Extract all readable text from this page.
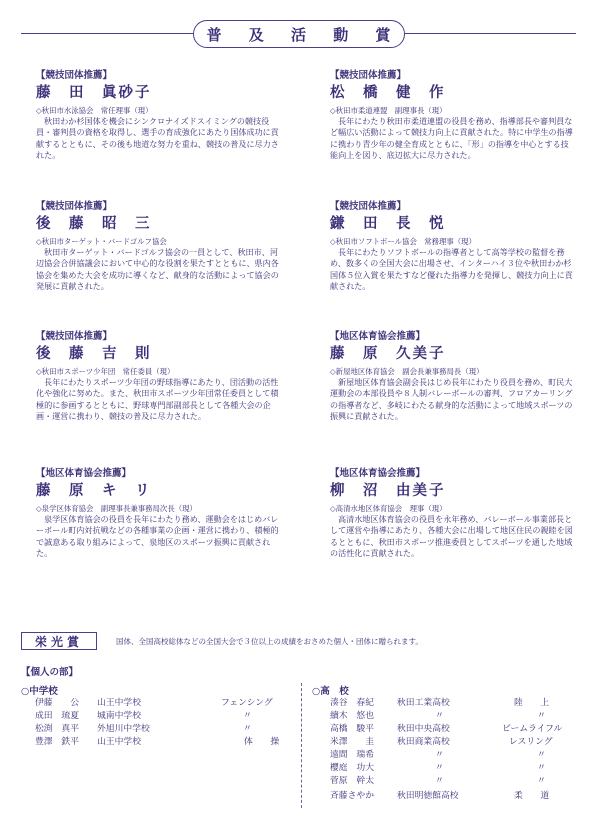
普 及 活 動 賞
【競技団体推薦】
藤　田　眞砂子
◇秋田市水泳協会　常任理事（現）
秋田わか杉国体を機会にシンクロナイズドスイミングの競技役員・審判員の資格を取得し、選手の育成強化にあたり国体成功に貢献するとともに、その後も地道な努力を重ね、競技の普及に尽力された。
【競技団体推薦】
松　橋　健　作
◇秋田市柔道連盟　副理事長（現）
長年にわたり秋田市柔道連盟の役員を務め、指導部長や審判員など幅広い活動によって競技力向上に貢献された。特に中学生の指導に携わり青少年の健全育成とともに、「形」の指導を中心とする技能向上を図り、底辺拡大に尽力された。
【競技団体推薦】
後　藤　昭　三
◇秋田市ターゲット・バードゴルフ協会
秋田市ターゲット・バードゴルフ協会の一員として、秋田市、河辺協会合併協議会において中心的な役割を果たすとともに、県内各協会を集めた大会を成功に導くなど、献身的な活動によって協会の発展に貢献された。
【競技団体推薦】
鎌　田　長　悦
◇秋田市ソフトボール協会　常務理事（現）
長年にわたりソフトボールの指導者として高等学校の監督を務め、数多くの全国大会に出場させ、インターハイ３位や秋田わか杉国体５位入賞を果たすなど優れた指導力を発揮し、競技力向上に貢献された。
【競技団体推薦】
後　藤　吉　則
◇秋田市スポーツ少年団　常任委員（現）
長年にわたりスポーツ少年団の野球指導にあたり、団活動の活性化や強化に努めた。また、秋田市スポーツ少年団常任委員として積極的に参画するとともに、野球専門部副部長として各種大会の企画・運営に携わり、競技の普及に尽力された。
【地区体育協会推薦】
藤　原　久美子
◇新屋地区体育協会　副会長兼事務局長（現）
新屋地区体育協会副会長はじめ長年にわたり役員を務め、町民大運動会の本部役員や８人制バレーボールの審判、フロアカーリングの指導者など、多岐にわたる献身的な活動によって地域スポーツの振興に貢献された。
【地区体育協会推薦】
藤　原　キ　リ
◇泉学区体育協会　副理事長兼事務局次長（現）
泉学区体育協会の役員を長年にわたり務め、運動会をはじめバレーボール町内対抗戦などの各種事業の企画・運営に携わり、積極的で誠意ある取り組みによって、泉地区のスポーツ振興に貢献された。
【地区体育協会推薦】
柳　沼　由美子
◇高清水地区体育協会　理事（現）
高清水地区体育協会の役員を永年務め、バレーボール事業部長として運営や指導にあたり、各種大会に出場して地区住民の親睦を図るとともに、秋田市スポーツ推進委員としてスポーツを通した地域の活性化に貢献された。
栄光賞	国体、全国高校総体などの全国大会で３位以上の成績をおさめた個人・団体に贈られます。
【個人の部】
○中学校	○高　校
伊藤　　公 山王中学校	フェンシング
成田　琉夏 城南中学校	〃
松渕　真平 外旭川中学校	〃
豊澤　鉄平 山王中学校	体　　操
湊谷　春紀	秋田工業高校	陸　　上
續木　悠也	〃	〃
高橋　駿平	秋田中央高校	ビームライフル
米澤　　圭	秋田商業高校	レスリング
遠間　瑞希	〃	〃
櫻庭　功大	〃	〃
菅原　幹太	〃	〃
斉藤さやか	秋田明徳館高校	柔　　道
